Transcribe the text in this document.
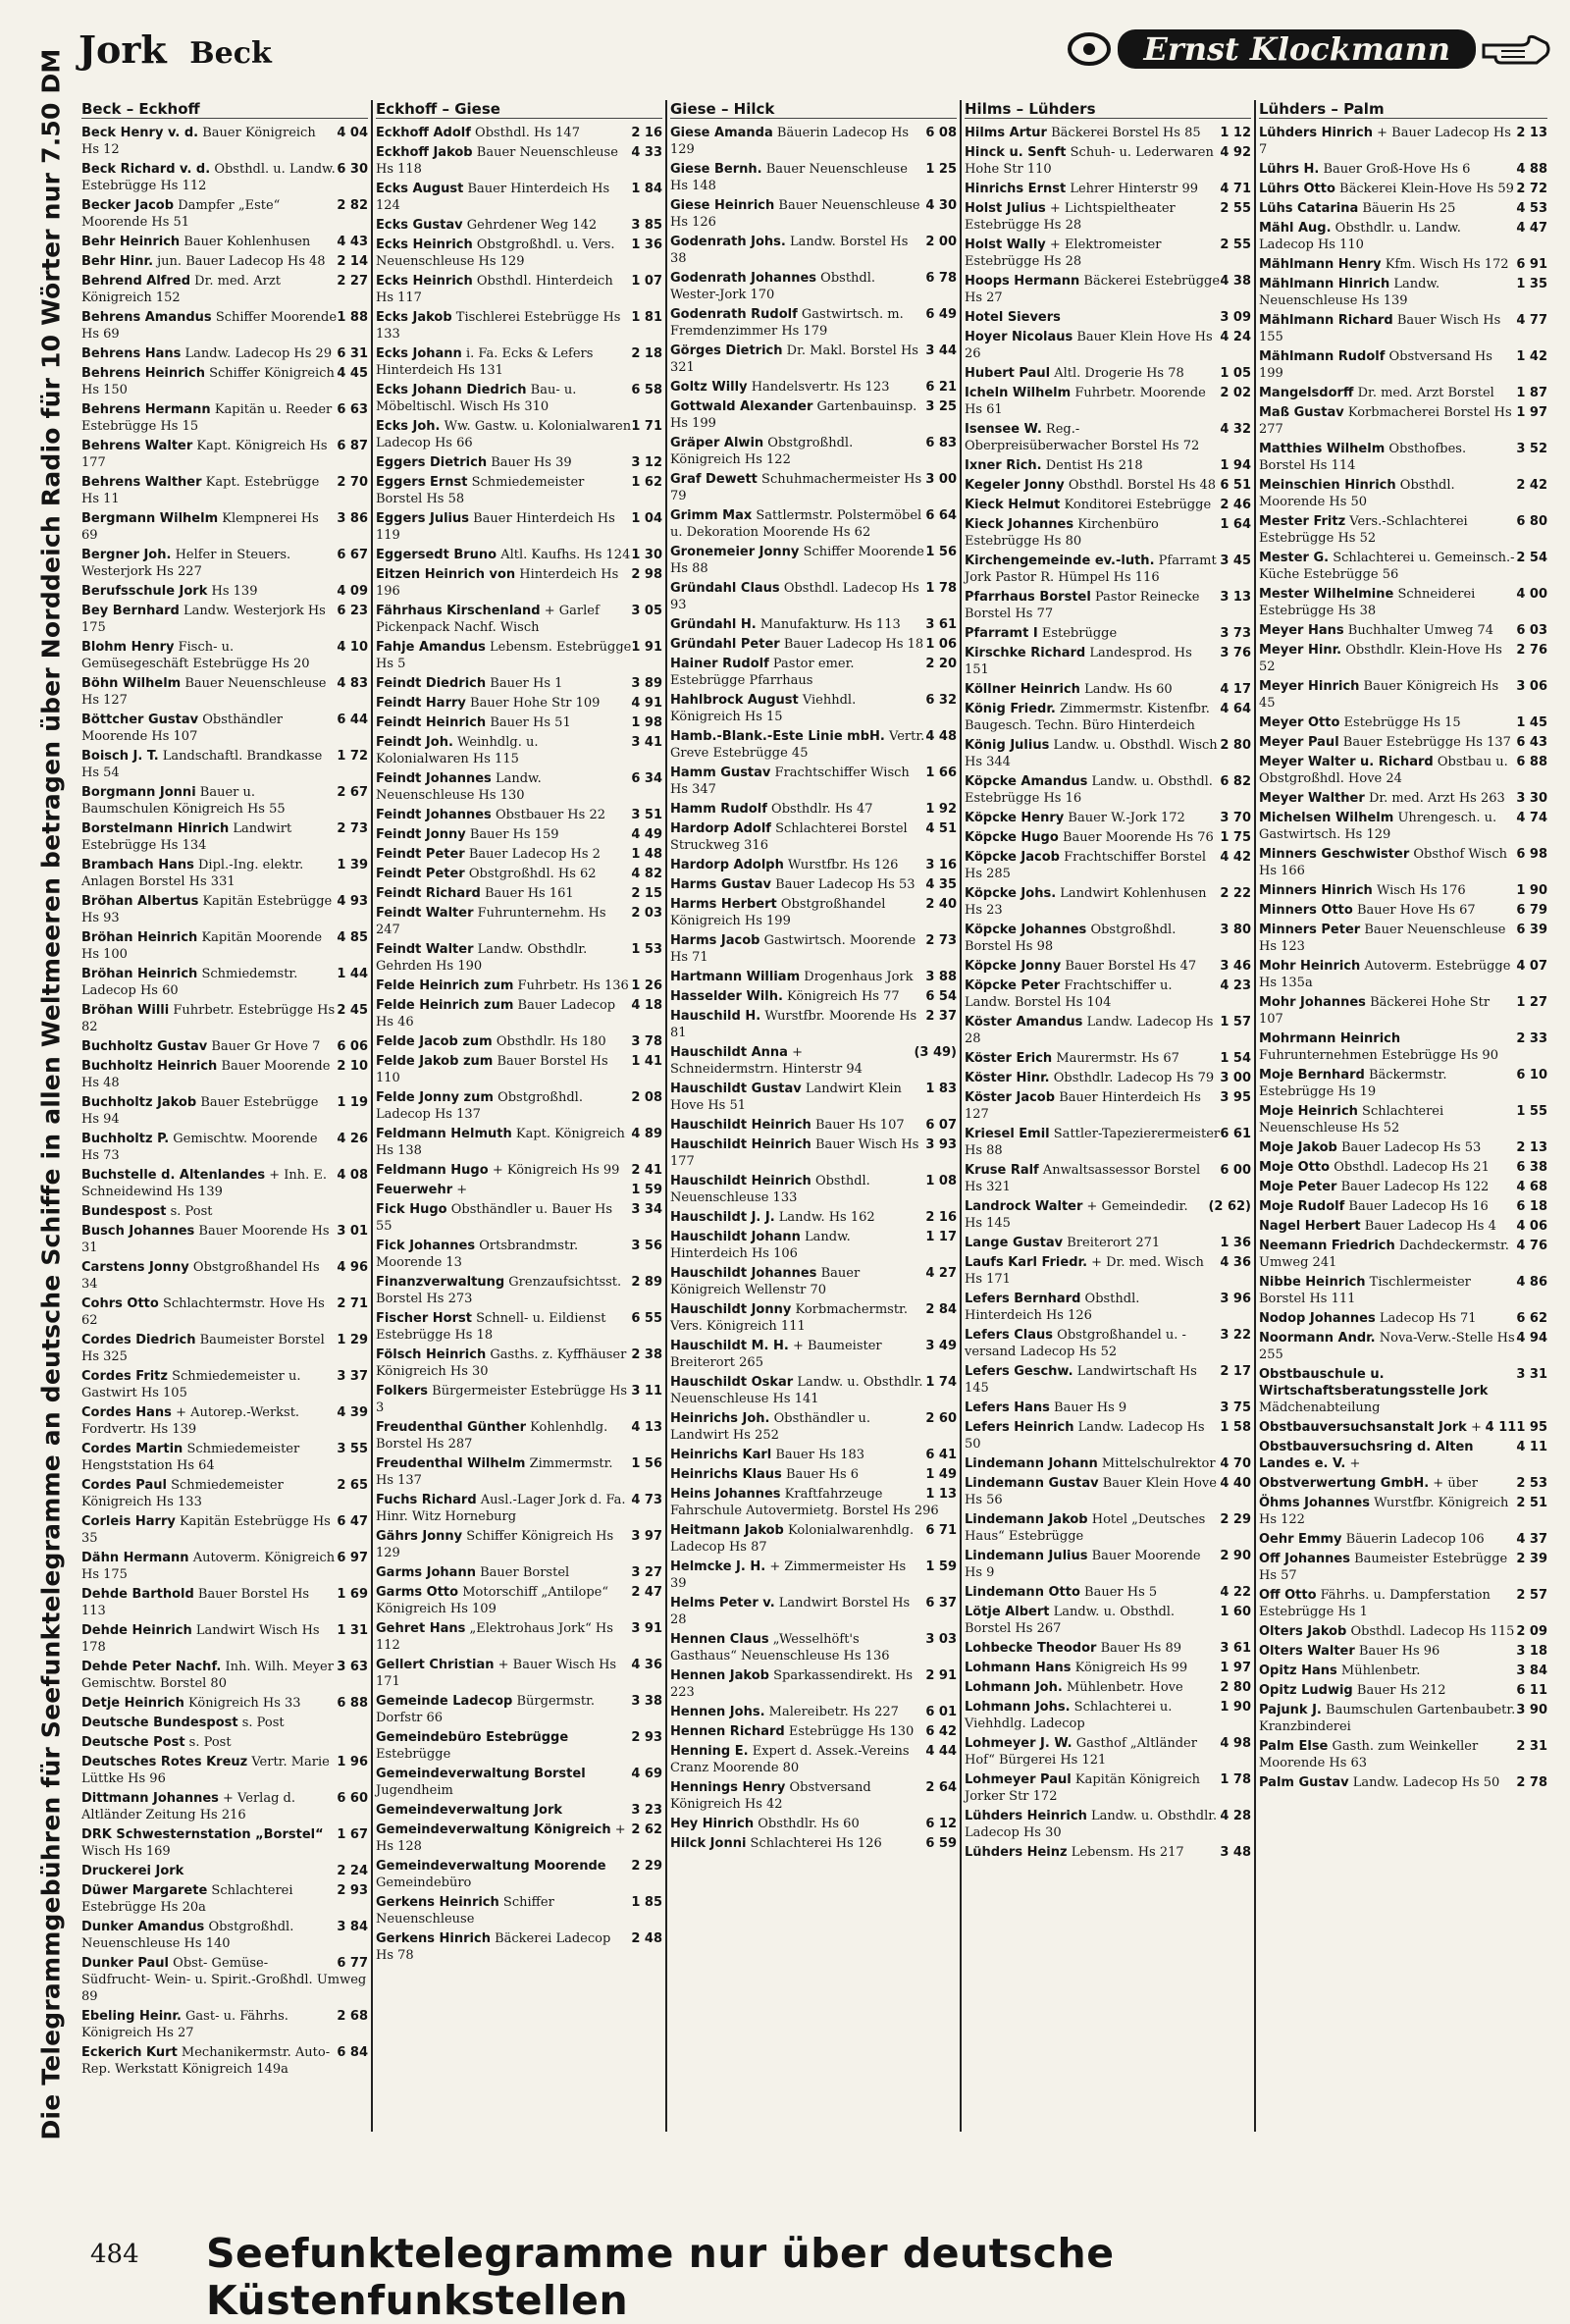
Jork Beck	Ernst Klockmann
Die Telegrammgebühren für Seefunktelegramme an deutsche Schiffe in allen Weltmeeren betragen über Norddeich Radio für 10 Wörter nur 7.50 DM Beck – Eckhoff
4 04
Beck Henry v. d. Bauer Königreich Hs 12
6 30
Beck Richard v. d. Obsthdl. u. Landw. Estebrügge Hs 112
2 82
Becker Jacob Dampfer „Este“ Moorende Hs 51
4 43
Behr Heinrich Bauer Kohlenhusen
2 14
Behr Hinr. jun. Bauer Ladecop Hs 48
2 27
Behrend Alfred Dr. med. Arzt Königreich 152
1 88
Behrens Amandus Schiffer Moorende Hs 69
6 31
Behrens Hans Landw. Ladecop Hs 29
4 45
Behrens Heinrich Schiffer Königreich Hs 150
6 63
Behrens Hermann Kapitän u. Reeder Estebrügge Hs 15
6 87
Behrens Walter Kapt. Königreich Hs 177
2 70
Behrens Walther Kapt. Estebrügge Hs 11
3 86
Bergmann Wilhelm Klempnerei Hs 69
6 67
Bergner Joh. Helfer in Steuers. Westerjork Hs 227
4 09
Berufsschule Jork Hs 139
6 23
Bey Bernhard Landw. Westerjork Hs 175
4 10
Blohm Henry Fisch- u. Gemüsegeschäft Estebrügge Hs 20
4 83
Böhn Wilhelm Bauer Neuenschleuse Hs 127
6 44
Böttcher Gustav Obsthändler Moorende Hs 107
1 72
Boisch J. T. Landschaftl. Brandkasse Hs 54
2 67
Borgmann Jonni Bauer u. Baumschulen Königreich Hs 55
2 73
Borstelmann Hinrich Landwirt Estebrügge Hs 134
1 39
Brambach Hans Dipl.-Ing. elektr. Anlagen Borstel Hs 331
4 93
Bröhan Albertus Kapitän Estebrügge Hs 93
4 85
Bröhan Heinrich Kapitän Moorende Hs 100
1 44
Bröhan Heinrich Schmiedemstr. Ladecop Hs 60
2 45
Bröhan Willi Fuhrbetr. Estebrügge Hs 82
6 06
Buchholtz Gustav Bauer Gr Hove 7
2 10
Buchholtz Heinrich Bauer Moorende Hs 48
1 19
Buchholtz Jakob Bauer Estebrügge Hs 94
4 26
Buchholtz P. Gemischtw. Moorende Hs 73
4 08
Buchstelle d. Altenlandes + Inh. E. Schneidewind Hs 139
Bundespost s. Post
3 01
Busch Johannes Bauer Moorende Hs 31
4 96
Carstens Jonny Obstgroßhandel Hs 34
2 71
Cohrs Otto Schlachtermstr. Hove Hs 62
1 29
Cordes Diedrich Baumeister Borstel Hs 325
3 37
Cordes Fritz Schmiedemeister u. Gastwirt Hs 105
4 39
Cordes Hans + Autorep.-Werkst. Fordvertr. Hs 139
3 55
Cordes Martin Schmiedemeister Hengststation Hs 64
2 65
Cordes Paul Schmiedemeister Königreich Hs 133
6 47
Corleis Harry Kapitän Estebrügge Hs 35
6 97
Dähn Hermann Autoverm. Königreich Hs 175
1 69
Dehde Barthold Bauer Borstel Hs 113
1 31
Dehde Heinrich Landwirt Wisch Hs 178
3 63
Dehde Peter Nachf. Inh. Wilh. Meyer Gemischtw. Borstel 80
6 88
Detje Heinrich Königreich Hs 33
Deutsche Bundespost s. Post
Deutsche Post s. Post
1 96
Deutsches Rotes Kreuz Vertr. Marie Lüttke Hs 96
6 60
Dittmann Johannes + Verlag d. Altländer Zeitung Hs 216
1 67
DRK Schwesternstation „Borstel“ Wisch Hs 169
2 24
Druckerei Jork
2 93
Düwer Margarete Schlachterei Estebrügge Hs 20a
3 84
Dunker Amandus Obstgroßhdl. Neuenschleuse Hs 140
6 77
Dunker Paul Obst- Gemüse- Südfrucht- Wein- u. Spirit.-Großhdl. Umweg 89
2 68
Ebeling Heinr. Gast- u. Fährhs. Königreich Hs 27
6 84
Eckerich Kurt Mechanikermstr. Auto-Rep. Werkstatt Königreich 149a
Eckhoff – Giese
2 16
Eckhoff Adolf Obsthdl. Hs 147
4 33
Eckhoff Jakob Bauer Neuenschleuse Hs 118
1 84
Ecks August Bauer Hinterdeich Hs 124
3 85
Ecks Gustav Gehrdener Weg 142
1 36
Ecks Heinrich Obstgroßhdl. u. Vers. Neuenschleuse Hs 129
1 07
Ecks Heinrich Obsthdl. Hinterdeich Hs 117
1 81
Ecks Jakob Tischlerei Estebrügge Hs 133
2 18
Ecks Johann i. Fa. Ecks & Lefers Hinterdeich Hs 131
6 58
Ecks Johann Diedrich Bau- u. Möbeltischl. Wisch Hs 310
1 71
Ecks Joh. Ww. Gastw. u. Kolonialwaren Ladecop Hs 66
3 12
Eggers Dietrich Bauer Hs 39
1 62
Eggers Ernst Schmiedemeister Borstel Hs 58
1 04
Eggers Julius Bauer Hinterdeich Hs 119
1 30
Eggersedt Bruno Altl. Kaufhs. Hs 124
2 98
Eitzen Heinrich von Hinterdeich Hs 196
3 05
Fährhaus Kirschenland + Garlef Pickenpack Nachf. Wisch
1 91
Fahje Amandus Lebensm. Estebrügge Hs 5
3 89
Feindt Diedrich Bauer Hs 1
4 91
Feindt Harry Bauer Hohe Str 109
1 98
Feindt Heinrich Bauer Hs 51
3 41
Feindt Joh. Weinhdlg. u. Kolonialwaren Hs 115
6 34
Feindt Johannes Landw. Neuenschleuse Hs 130
3 51
Feindt Johannes Obstbauer Hs 22
4 49
Feindt Jonny Bauer Hs 159
1 48
Feindt Peter Bauer Ladecop Hs 2
4 82
Feindt Peter Obstgroßhdl. Hs 62
2 15
Feindt Richard Bauer Hs 161
2 03
Feindt Walter Fuhrunternehm. Hs 247
1 53
Feindt Walter Landw. Obsthdlr. Gehrden Hs 190
1 26
Felde Heinrich zum Fuhrbetr. Hs 136
4 18
Felde Heinrich zum Bauer Ladecop Hs 46
3 78
Felde Jacob zum Obsthdlr. Hs 180
1 41
Felde Jakob zum Bauer Borstel Hs 110
2 08
Felde Jonny zum Obstgroßhdl. Ladecop Hs 137
4 89
Feldmann Helmuth Kapt. Königreich Hs 138
2 41
Feldmann Hugo + Königreich Hs 99
1 59
Feuerwehr +
3 34
Fick Hugo Obsthändler u. Bauer Hs 55
3 56
Fick Johannes Ortsbrandmstr. Moorende 13
2 89
Finanzverwaltung Grenzaufsichtsst. Borstel Hs 273
6 55
Fischer Horst Schnell- u. Eildienst Estebrügge Hs 18
2 38
Fölsch Heinrich Gasths. z. Kyffhäuser Königreich Hs 30
3 11
Folkers Bürgermeister Estebrügge Hs 3
4 13
Freudenthal Günther Kohlenhdlg. Borstel Hs 287
1 56
Freudenthal Wilhelm Zimmermstr. Hs 137
4 73
Fuchs Richard Ausl.-Lager Jork d. Fa. Hinr. Witz Horneburg
3 97
Gährs Jonny Schiffer Königreich Hs 129
3 27
Garms Johann Bauer Borstel
2 47
Garms Otto Motorschiff „Antilope“ Königreich Hs 109
3 91
Gehret Hans „Elektrohaus Jork“ Hs 112
4 36
Gellert Christian + Bauer Wisch Hs 171
3 38
Gemeinde Ladecop Bürgermstr. Dorfstr 66
2 93
Gemeindebüro Estebrügge Estebrügge
4 69
Gemeindeverwaltung Borstel Jugendheim
3 23
Gemeindeverwaltung Jork
2 62
Gemeindeverwaltung Königreich + Hs 128
2 29
Gemeindeverwaltung Moorende Gemeindebüro
1 85
Gerkens Heinrich Schiffer Neuenschleuse
2 48
Gerkens Hinrich Bäckerei Ladecop Hs 78
Giese – Hilck
6 08
Giese Amanda Bäuerin Ladecop Hs 129
1 25
Giese Bernh. Bauer Neuenschleuse Hs 148
4 30
Giese Heinrich Bauer Neuenschleuse Hs 126
2 00
Godenrath Johs. Landw. Borstel Hs 38
6 78
Godenrath Johannes Obsthdl. Wester-Jork 170
6 49
Godenrath Rudolf Gastwirtsch. m. Fremdenzimmer Hs 179
3 44
Görges Dietrich Dr. Makl. Borstel Hs 321
6 21
Goltz Willy Handelsvertr. Hs 123
3 25
Gottwald Alexander Gartenbauinsp. Hs 199
6 83
Gräper Alwin Obstgroßhdl. Königreich Hs 122
3 00
Graf Dewett Schuhmachermeister Hs 79
6 64
Grimm Max Sattlermstr. Polstermöbel u. Dekoration Moorende Hs 62
1 56
Gronemeier Jonny Schiffer Moorende Hs 88
1 78
Gründahl Claus Obsthdl. Ladecop Hs 93
3 61
Gründahl H. Manufakturw. Hs 113
1 06
Gründahl Peter Bauer Ladecop Hs 18
2 20
Hainer Rudolf Pastor emer. Estebrügge Pfarrhaus
6 32
Hahlbrock August Viehhdl. Königreich Hs 15
4 48
Hamb.-Blank.-Este Linie mbH. Vertr. Greve Estebrügge 45
1 66
Hamm Gustav Frachtschiffer Wisch Hs 347
1 92
Hamm Rudolf Obsthdlr. Hs 47
4 51
Hardorp Adolf Schlachterei Borstel Struckweg 316
3 16
Hardorp Adolph Wurstfbr. Hs 126
4 35
Harms Gustav Bauer Ladecop Hs 53
2 40
Harms Herbert Obstgroßhandel Königreich Hs 199
2 73
Harms Jacob Gastwirtsch. Moorende Hs 71
3 88
Hartmann William Drogenhaus Jork
6 54
Hasselder Wilh. Königreich Hs 77
2 37
Hauschild H. Wurstfbr. Moorende Hs 81
(3 49)
Hauschildt Anna + Schneidermstrn. Hinterstr 94
1 83
Hauschildt Gustav Landwirt Klein Hove Hs 51
6 07
Hauschildt Heinrich Bauer Hs 107
3 93
Hauschildt Heinrich Bauer Wisch Hs 177
1 08
Hauschildt Heinrich Obsthdl. Neuenschleuse 133
2 16
Hauschildt J. J. Landw. Hs 162
1 17
Hauschildt Johann Landw. Hinterdeich Hs 106
4 27
Hauschildt Johannes Bauer Königreich Wellenstr 70
2 84
Hauschildt Jonny Korbmachermstr. Vers. Königreich 111
3 49
Hauschildt M. H. + Baumeister Breiterort 265
1 74
Hauschildt Oskar Landw. u. Obsthdlr. Neuenschleuse Hs 141
2 60
Heinrichs Joh. Obsthändler u. Landwirt Hs 252
6 41
Heinrichs Karl Bauer Hs 183
1 49
Heinrichs Klaus Bauer Hs 6
1 13
Heins Johannes Kraftfahrzeuge Fahrschule Autovermietg. Borstel Hs 296
6 71
Heitmann Jakob Kolonialwarenhdlg. Ladecop Hs 87
1 59
Helmcke J. H. + Zimmermeister Hs 39
6 37
Helms Peter v. Landwirt Borstel Hs 28
3 03
Hennen Claus „Wesselhöft's Gasthaus“ Neuenschleuse Hs 136
2 91
Hennen Jakob Sparkassendirekt. Hs 223
6 01
Hennen Johs. Malereibetr. Hs 227
6 42
Hennen Richard Estebrügge Hs 130
4 44
Henning E. Expert d. Assek.-Vereins Cranz Moorende 80
2 64
Hennings Henry Obstversand Königreich Hs 42
6 12
Hey Hinrich Obsthdlr. Hs 60
6 59
Hilck Jonni Schlachterei Hs 126
Hilms – Lühders
1 12
Hilms Artur Bäckerei Borstel Hs 85
4 92
Hinck u. Senft Schuh- u. Lederwaren Hohe Str 110
4 71
Hinrichs Ernst Lehrer Hinterstr 99
2 55
Holst Julius + Lichtspieltheater Estebrügge Hs 28
2 55
Holst Wally + Elektromeister Estebrügge Hs 28
4 38
Hoops Hermann Bäckerei Estebrügge Hs 27
3 09
Hotel Sievers
4 24
Hoyer Nicolaus Bauer Klein Hove Hs 26
1 05
Hubert Paul Altl. Drogerie Hs 78
2 02
Icheln Wilhelm Fuhrbetr. Moorende Hs 61
4 32
Isensee W. Reg.-Oberpreisüberwacher Borstel Hs 72
1 94
Ixner Rich. Dentist Hs 218
6 51
Kegeler Jonny Obsthdl. Borstel Hs 48
2 46
Kieck Helmut Konditorei Estebrügge
1 64
Kieck Johannes Kirchenbüro Estebrügge Hs 80
3 45
Kirchengemeinde ev.-luth. Pfarramt Jork Pastor R. Hümpel Hs 116
3 13
Pfarrhaus Borstel Pastor Reinecke Borstel Hs 77
3 73
Pfarramt I Estebrügge
3 76
Kirschke Richard Landesprod. Hs 151
4 17
Köllner Heinrich Landw. Hs 60
4 64
König Friedr. Zimmermstr. Kistenfbr. Baugesch. Techn. Büro Hinterdeich
2 80
König Julius Landw. u. Obsthdl. Wisch Hs 344
6 82
Köpcke Amandus Landw. u. Obsthdl. Estebrügge Hs 16
3 70
Köpcke Henry Bauer W.-Jork 172
1 75
Köpcke Hugo Bauer Moorende Hs 76
4 42
Köpcke Jacob Frachtschiffer Borstel Hs 285
2 22
Köpcke Johs. Landwirt Kohlenhusen Hs 23
3 80
Köpcke Johannes Obstgroßhdl. Borstel Hs 98
3 46
Köpcke Jonny Bauer Borstel Hs 47
4 23
Köpcke Peter Frachtschiffer u. Landw. Borstel Hs 104
1 57
Köster Amandus Landw. Ladecop Hs 28
1 54
Köster Erich Maurermstr. Hs 67
3 00
Köster Hinr. Obsthdlr. Ladecop Hs 79
3 95
Köster Jacob Bauer Hinterdeich Hs 127
6 61
Kriesel Emil Sattler-Tapezierermeister Hs 88
6 00
Kruse Ralf Anwaltsassessor Borstel Hs 321
(2 62)
Landrock Walter + Gemeindedir. Hs 145
1 36
Lange Gustav Breiterort 271
4 36
Laufs Karl Friedr. + Dr. med. Wisch Hs 171
3 96
Lefers Bernhard Obsthdl. Hinterdeich Hs 126
3 22
Lefers Claus Obstgroßhandel u. -versand Ladecop Hs 52
2 17
Lefers Geschw. Landwirtschaft Hs 145
3 75
Lefers Hans Bauer Hs 9
1 58
Lefers Heinrich Landw. Ladecop Hs 50
4 70
Lindemann Johann Mittelschulrektor
4 40
Lindemann Gustav Bauer Klein Hove Hs 56
2 29
Lindemann Jakob Hotel „Deutsches Haus“ Estebrügge
2 90
Lindemann Julius Bauer Moorende Hs 9
4 22
Lindemann Otto Bauer Hs 5
1 60
Lötje Albert Landw. u. Obsthdl. Borstel Hs 267
3 61
Lohbecke Theodor Bauer Hs 89
1 97
Lohmann Hans Königreich Hs 99
2 80
Lohmann Joh. Mühlenbetr. Hove
1 90
Lohmann Johs. Schlachterei u. Viehhdlg. Ladecop
4 98
Lohmeyer J. W. Gasthof „Altländer Hof“ Bürgerei Hs 121
1 78
Lohmeyer Paul Kapitän Königreich Jorker Str 172
4 28
Lühders Heinrich Landw. u. Obsthdlr. Ladecop Hs 30
3 48
Lühders Heinz Lebensm. Hs 217
Lühders – Palm
2 13
Lühders Hinrich + Bauer Ladecop Hs 7
4 88
Lührs H. Bauer Groß-Hove Hs 6
2 72
Lührs Otto Bäckerei Klein-Hove Hs 59
4 53
Lühs Catarina Bäuerin Hs 25
4 47
Mähl Aug. Obsthdlr. u. Landw. Ladecop Hs 110
6 91
Mählmann Henry Kfm. Wisch Hs 172
1 35
Mählmann Hinrich Landw. Neuenschleuse Hs 139
4 77
Mählmann Richard Bauer Wisch Hs 155
1 42
Mählmann Rudolf Obstversand Hs 199
1 87
Mangelsdorff Dr. med. Arzt Borstel
1 97
Maß Gustav Korbmacherei Borstel Hs 277
3 52
Matthies Wilhelm Obsthofbes. Borstel Hs 114
2 42
Meinschien Hinrich Obsthdl. Moorende Hs 50
6 80
Mester Fritz Vers.-Schlachterei Estebrügge Hs 52
2 54
Mester G. Schlachterei u. Gemeinsch.-Küche Estebrügge 56
4 00
Mester Wilhelmine Schneiderei Estebrügge Hs 38
6 03
Meyer Hans Buchhalter Umweg 74
2 76
Meyer Hinr. Obsthdlr. Klein-Hove Hs 52
3 06
Meyer Hinrich Bauer Königreich Hs 45
1 45
Meyer Otto Estebrügge Hs 15
6 43
Meyer Paul Bauer Estebrügge Hs 137
6 88
Meyer Walter u. Richard Obstbau u. Obstgroßhdl. Hove 24
3 30
Meyer Walther Dr. med. Arzt Hs 263
4 74
Michelsen Wilhelm Uhrengesch. u. Gastwirtsch. Hs 129
6 98
Minners Geschwister Obsthof Wisch Hs 166
1 90
Minners Hinrich Wisch Hs 176
6 79
Minners Otto Bauer Hove Hs 67
6 39
Minners Peter Bauer Neuenschleuse Hs 123
4 07
Mohr Heinrich Autoverm. Estebrügge Hs 135a
1 27
Mohr Johannes Bäckerei Hohe Str 107
2 33
Mohrmann Heinrich Fuhrunternehmen Estebrügge Hs 90
6 10
Moje Bernhard Bäckermstr. Estebrügge Hs 19
1 55
Moje Heinrich Schlachterei Neuenschleuse Hs 52
2 13
Moje Jakob Bauer Ladecop Hs 53
6 38
Moje Otto Obsthdl. Ladecop Hs 21
4 68
Moje Peter Bauer Ladecop Hs 122
6 18
Moje Rudolf Bauer Ladecop Hs 16
4 06
Nagel Herbert Bauer Ladecop Hs 4
4 76
Neemann Friedrich Dachdeckermstr. Umweg 241
4 86
Nibbe Heinrich Tischlermeister Borstel Hs 111
6 62
Nodop Johannes Ladecop Hs 71
4 94
Noormann Andr. Nova-Verw.-Stelle Hs 255
3 31
Obstbauschule u. Wirtschaftsberatungsstelle Jork Mädchenabteilung
1 95
4 11
Obstbauversuchsanstalt Jork +
4 11
Obstbauversuchsring d. Alten Landes e. V. +
2 53
Obstverwertung GmbH. + über
2 51
Öhms Johannes Wurstfbr. Königreich Hs 122
4 37
Oehr Emmy Bäuerin Ladecop 106
2 39
Off Johannes Baumeister Estebrügge Hs 57
2 57
Off Otto Fährhs. u. Dampferstation Estebrügge Hs 1
2 09
Olters Jakob Obsthdl. Ladecop Hs 115
3 18
Olters Walter Bauer Hs 96
3 84
Opitz Hans Mühlenbetr.
6 11
Opitz Ludwig Bauer Hs 212
3 90
Pajunk J. Baumschulen Gartenbaubetr. Kranzbinderei
2 31
Palm Else Gasth. zum Weinkeller Moorende Hs 63
2 78
Palm Gustav Landw. Ladecop Hs 50
484 Seefunktelegramme nur über deutsche Küstenfunkstellen
